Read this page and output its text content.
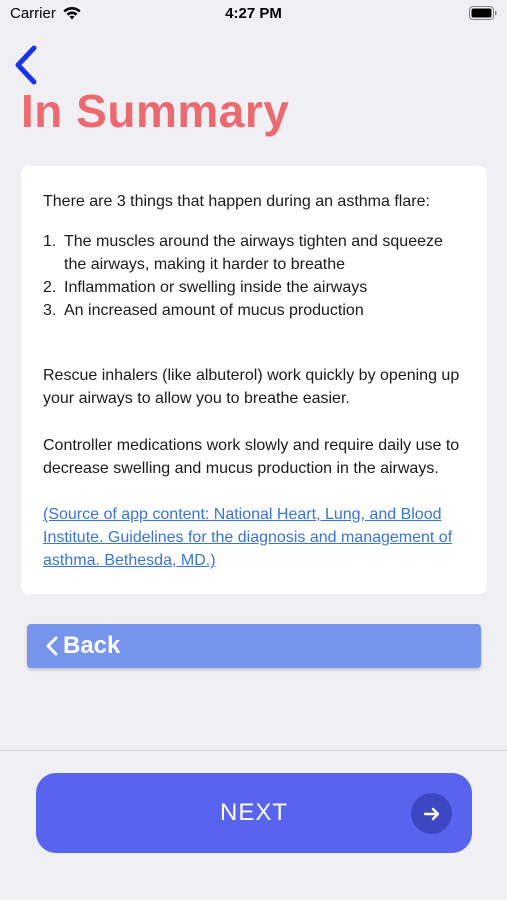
Carrier	4:27 PM
In Summary

There are 3 things that happen during an asthma flare:

1. The muscles around the airways tighten and squeeze the airways, making it harder to breathe
2. Inflammation or swelling inside the airways
3. An increased amount of mucus production

Rescue inhalers (like albuterol) work quickly by opening up your airways to allow you to breathe easier.

Controller medications work slowly and require daily use to decrease swelling and mucus production in the airways.

(Source of app content: National Heart, Lung, and Blood Institute. Guidelines for the diagnosis and management of asthma. Bethesda, MD.)
Back
NEXT
